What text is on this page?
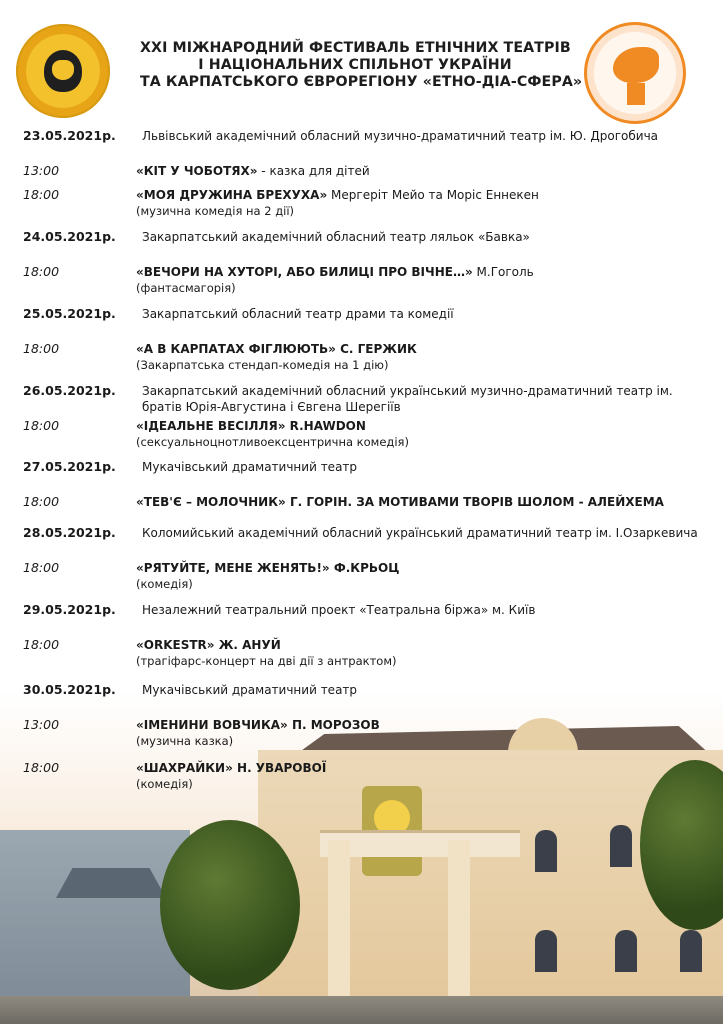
XXI МІЖНАРОДНИЙ ФЕСТИВАЛЬ ЕТНІЧНИХ ТЕАТРІВ
І НАЦІОНАЛЬНИХ СПІЛЬНОТ УКРАЇНИ
ТА КАРПАТСЬКОГО ЄВРОРЕГІОНУ «ЕТНО-ДІА-СФЕРА»
23.05.2021р. Львівський академічний обласний музично-драматичний театр ім. Ю. Дрогобича
13:00	«КІТ У ЧОБОТЯХ» - казка для дітей
18:00	«МОЯ ДРУЖИНА БРЕХУХА» Мергеріт Мейо та Моріс Еннекен
(музична комедія на 2 дії)
24.05.2021р. Закарпатський академічний обласний театр ляльок «Бавка»
18:00	«ВЕЧОРИ НА ХУТОРІ, АБО БИЛИЦІ ПРО ВІЧНЕ…» М.Гоголь
(фантасмагорія)
25.05.2021р. Закарпатський обласний театр драми та комедії
18:00	«А В КАРПАТАХ ФІГЛЮЮТЬ» С. ГЕРЖИК
(Закарпатська стендап-комедія на 1 дію)
26.05.2021р. Закарпатський академічний обласний український музично-драматичний театр ім. братів Юрія-Августина і Євгена Шерегіїв
18:00	«ІДЕАЛЬНЕ ВЕСІЛЛЯ» R.HAWDON
(сексуальноцнотливоексцентрична комедія)
27.05.2021р. Мукачівський драматичний театр
18:00	«ТЕВ'Є – МОЛОЧНИК» Г. ГОРІН. ЗА МОТИВАМИ ТВОРІВ ШОЛОМ - АЛЕЙХЕМА
28.05.2021р. Коломийський академічний обласний український драматичний театр ім. І.Озаркевича
18:00	«РЯТУЙТЕ, МЕНЕ ЖЕНЯТЬ!» Ф.КРЬОЦ
(комедія)
29.05.2021р. Незалежний театральний проект «Театральна біржа» м. Київ
18:00	«ORKESTR» Ж. АНУЙ
(трагіфарс-концерт на дві дії з антрактом)
30.05.2021р. Мукачівський драматичний театр
13:00	«ІМЕНИНИ ВОВЧИКА» П. МОРОЗОВ
(музична казка)
18:00	«ШАХРАЙКИ» Н. УВАРОВОЇ
(комедія)
